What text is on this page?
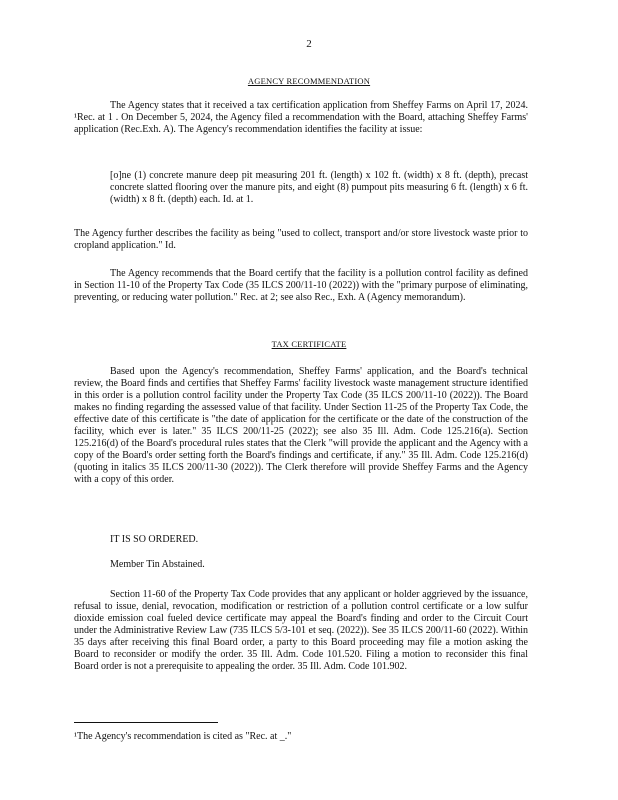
2
AGENCY RECOMMENDATION

The Agency states that it received a tax certification application from Sheffey Farms on April 17, 2024. ¹Rec. at 1 . On December 5, 2024, the Agency filed a recommendation with the Board, attaching Sheffey Farms' application (Rec.Exh. A). The Agency's recommendation identifies the facility at issue:

[o]ne (1) concrete manure deep pit measuring 201 ft. (length) x 102 ft. (width) x 8 ft. (depth), precast concrete slatted flooring over the manure pits, and eight (8) pumpout pits measuring 6 ft. (length) x 6 ft. (width) x 8 ft. (depth) each. Id. at 1.

The Agency further describes the facility as being "used to collect, transport and/or store livestock waste prior to cropland application." Id.

The Agency recommends that the Board certify that the facility is a pollution control facility as defined in Section 11-10 of the Property Tax Code (35 ILCS 200/11-10 (2022)) with the "primary purpose of eliminating, preventing, or reducing water pollution." Rec. at 2; see also Rec., Exh. A (Agency memorandum).

TAX CERTIFICATE

Based upon the Agency's recommendation, Sheffey Farms' application, and the Board's technical review, the Board finds and certifies that Sheffey Farms' facility livestock waste management structure identified in this order is a pollution control facility under the Property Tax Code (35 ILCS 200/11-10 (2022)). The Board makes no finding regarding the assessed value of that facility. Under Section 11-25 of the Property Tax Code, the effective date of this certificate is "the date of application for the certificate or the date of the construction of the facility, which ever is later." 35 ILCS 200/11-25 (2022); see also 35 Ill. Adm. Code 125.216(a). Section 125.216(d) of the Board's procedural rules states that the Clerk "will provide the applicant and the Agency with a copy of the Board's order setting forth the Board's findings and certificate, if any." 35 Ill. Adm. Code 125.216(d) (quoting in italics 35 ILCS 200/11-30 (2022)). The Clerk therefore will provide Sheffey Farms and the Agency with a copy of this order.

IT IS SO ORDERED.

Member Tin Abstained.

Section 11-60 of the Property Tax Code provides that any applicant or holder aggrieved by the issuance, refusal to issue, denial, revocation, modification or restriction of a pollution control certificate or a low sulfur dioxide emission coal fueled device certificate may appeal the Board's finding and order to the Circuit Court under the Administrative Review Law (735 ILCS 5/3-101 et seq. (2022)). See 35 ILCS 200/11-60 (2022). Within 35 days after receiving this final Board order, a party to this Board proceeding may file a motion asking the Board to reconsider or modify the order. 35 Ill. Adm. Code 101.520. Filing a motion to reconsider this final Board order is not a prerequisite to appealing the order. 35 Ill. Adm. Code 101.902.

¹The Agency's recommendation is cited as "Rec. at _."
